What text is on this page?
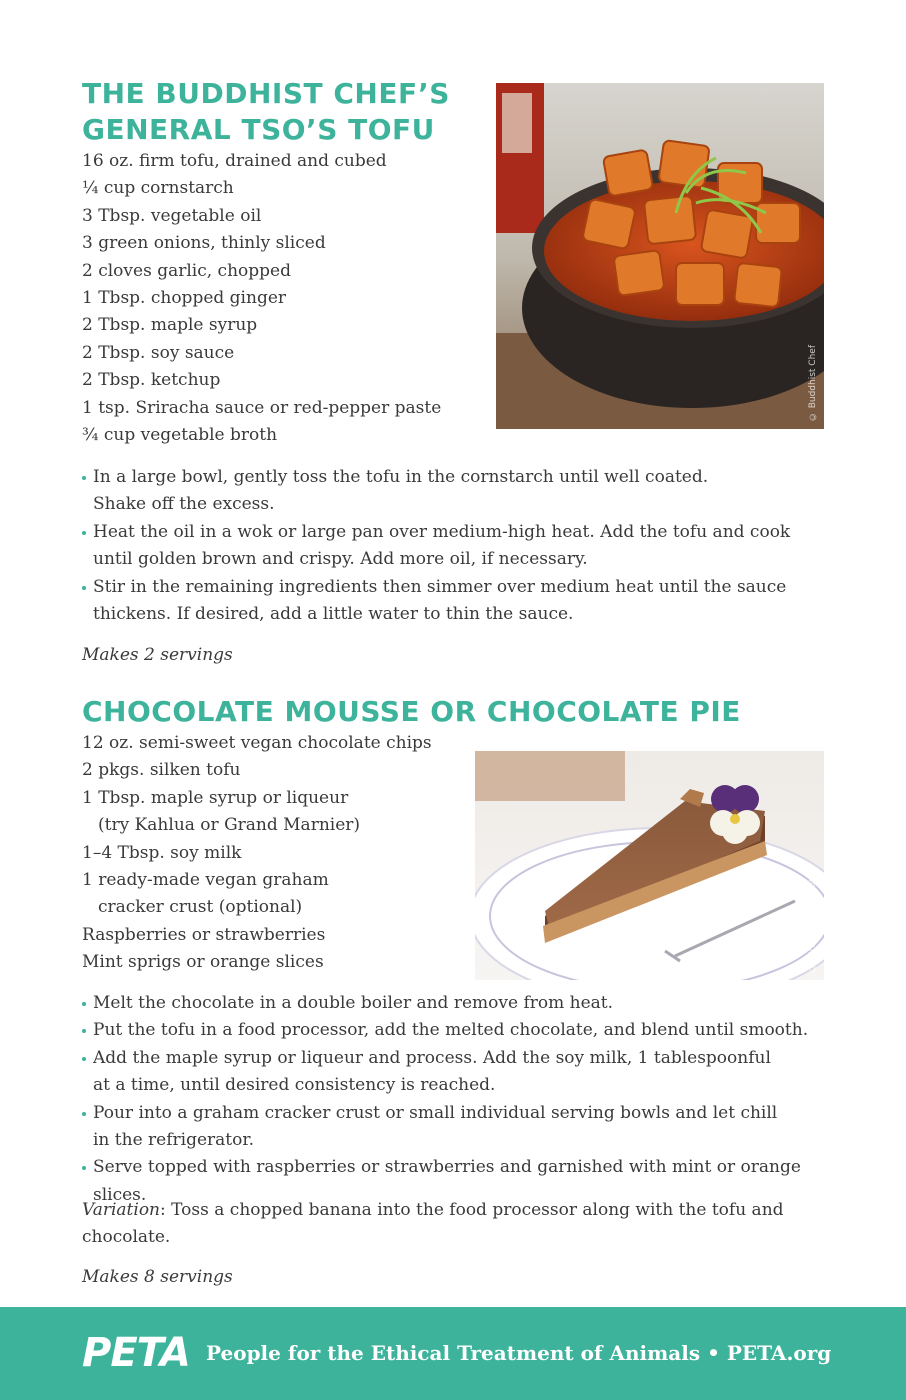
THE BUDDHIST CHEF’S
GENERAL TSO’S TOFU
16 oz. firm tofu, drained and cubed
¼ cup cornstarch
3 Tbsp. vegetable oil
3 green onions, thinly sliced
2 cloves garlic, chopped
1 Tbsp. chopped ginger
2 Tbsp. maple syrup
2 Tbsp. soy sauce
2 Tbsp. ketchup
1 tsp. Sriracha sauce or red-pepper paste
¾ cup vegetable broth
© Buddhist Chef
In a large bowl, gently toss the tofu in the cornstarch until well coated.
Shake off the excess.
Heat the oil in a wok or large pan over medium-high heat. Add the tofu and cook
until golden brown and crispy. Add more oil, if necessary.
Stir in the remaining ingredients then simmer over medium heat until the sauce
thickens. If desired, add a little water to thin the sauce.

Makes 2 servings

CHOCOLATE MOUSSE OR CHOCOLATE PIE
12 oz. semi-sweet vegan chocolate chips
2 pkgs. silken tofu
1 Tbsp. maple syrup or liqueur
(try Kahlua or Grand Marnier)
1–4 Tbsp. soy milk
1 ready-made vegan graham
cracker crust (optional)
Raspberries or strawberries
Mint sprigs or orange slices	© iStock.com/jenifoto
Melt the chocolate in a double boiler and remove from heat.
Put the tofu in a food processor, add the melted chocolate, and blend until smooth.
Add the maple syrup or liqueur and process. Add the soy milk, 1 tablespoonful
at a time, until desired consistency is reached.
Pour into a graham cracker crust or small individual serving bowls and let chill
in the refrigerator.
Serve topped with raspberries or strawberries and garnished with mint or orange slices.

Variation: Toss a chopped banana into the food processor along with the tofu and chocolate.

Makes 8 servings

PETA People for the Ethical Treatment of Animals • PETA.org
